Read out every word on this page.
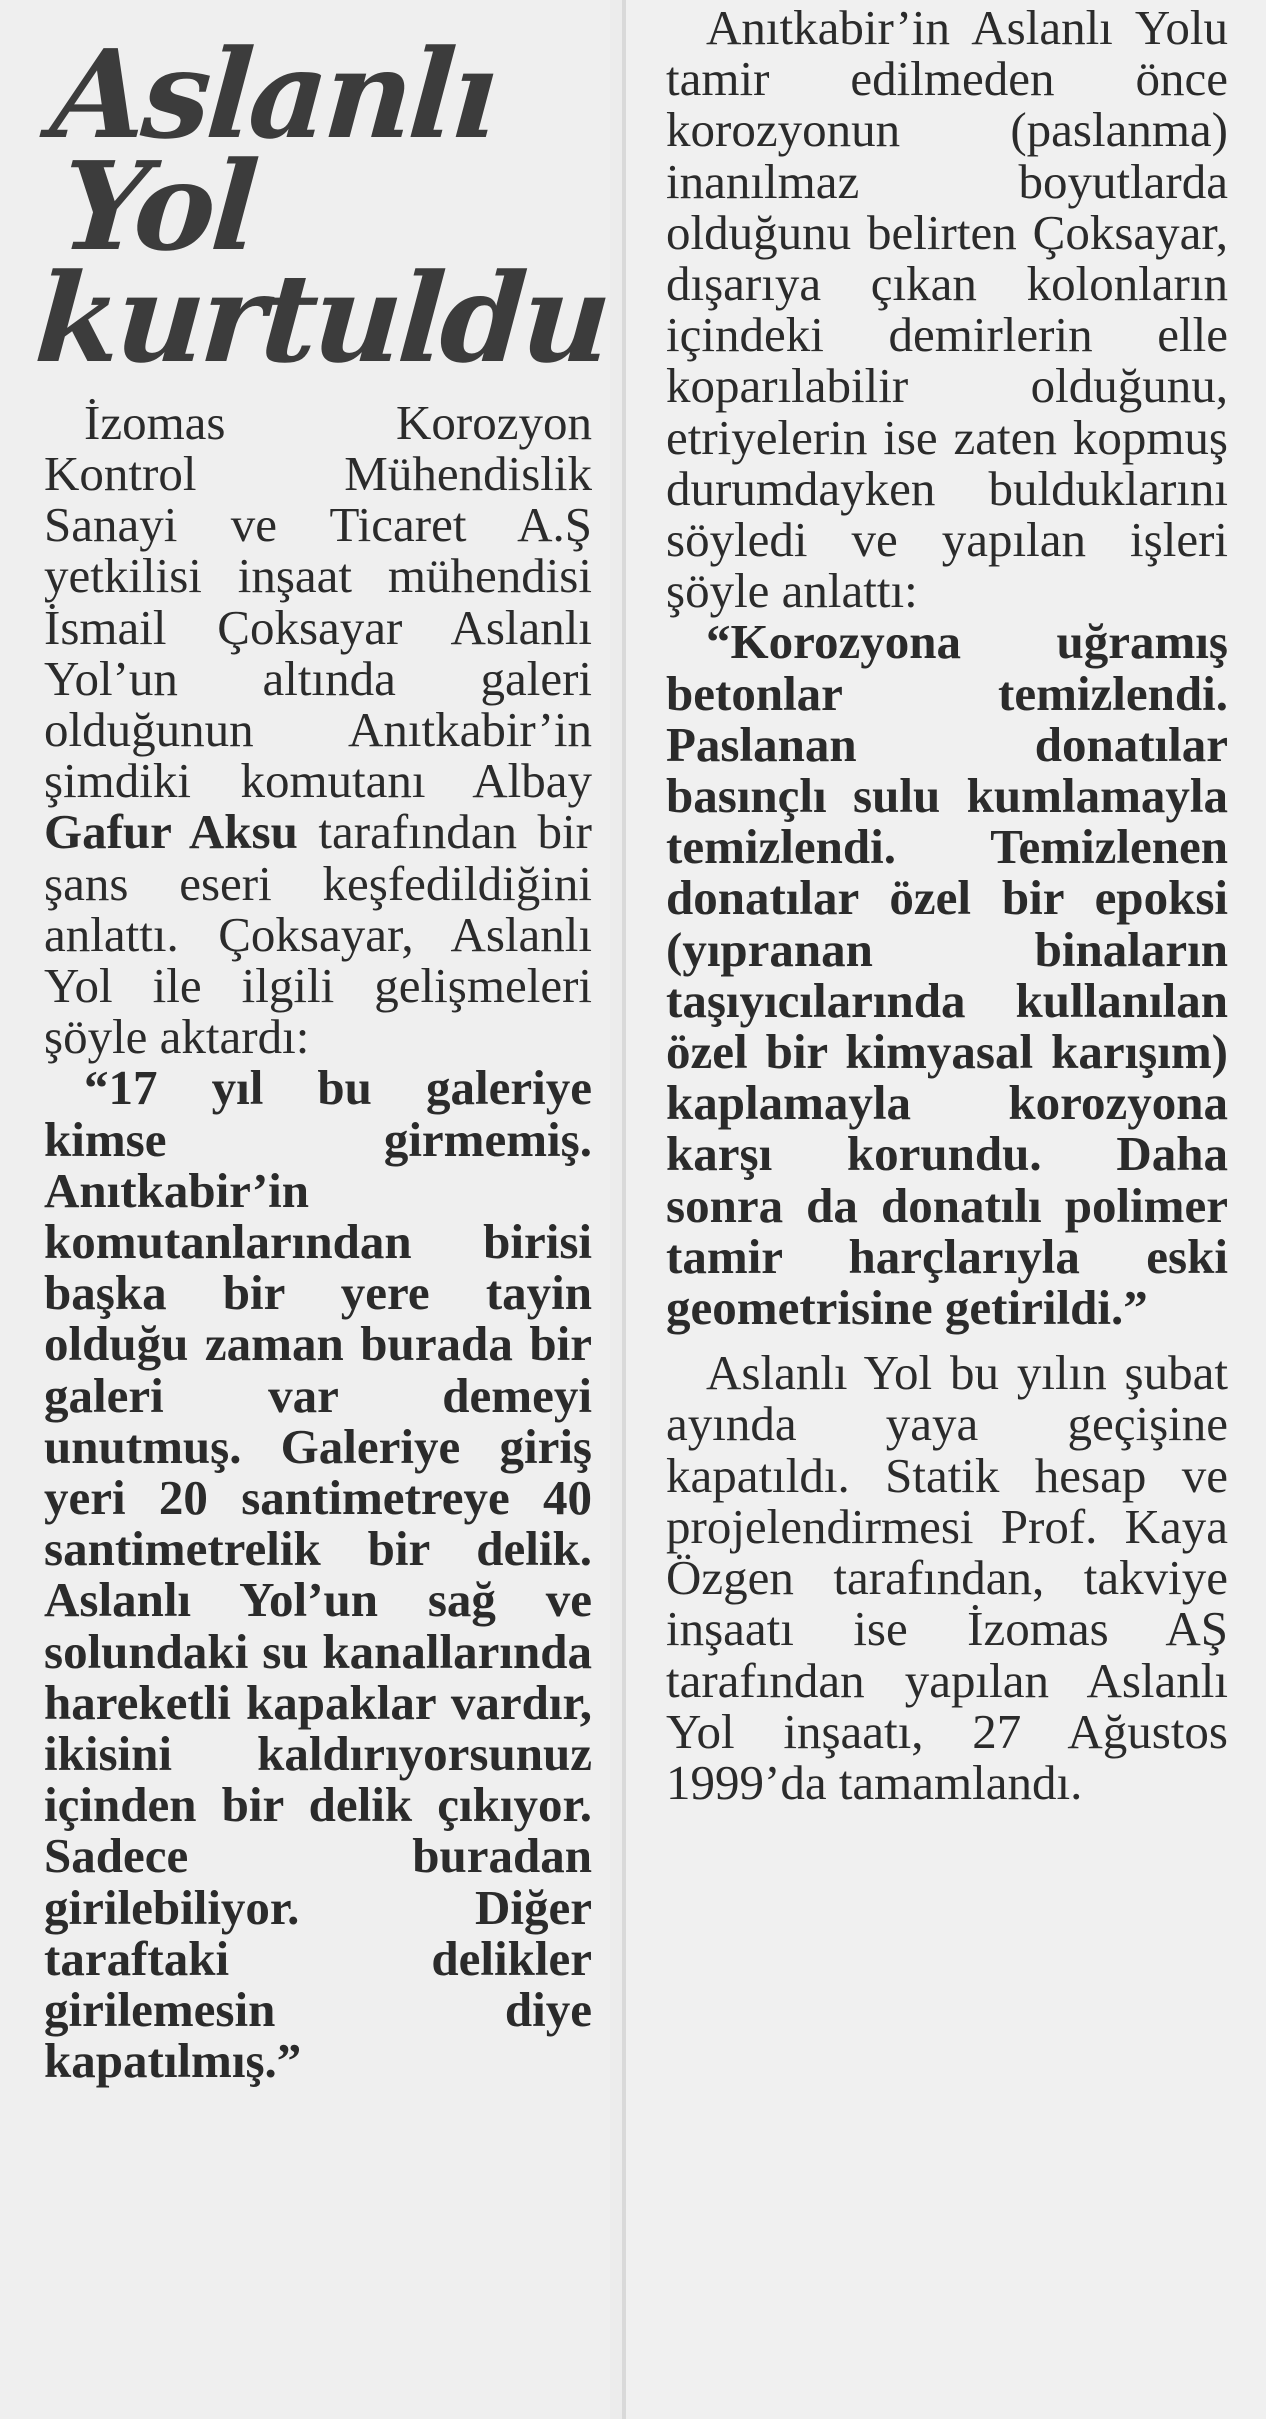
Aslanlı
Yol
kurtuldu

İzomas Korozyon Kontrol Mühendislik Sanayi ve Ticaret A.Ş yetkilisi inşaat mühendisi İsmail Çoksayar Aslanlı Yol’un altında galeri olduğunun Anıtkabir’in şimdiki komutanı Albay Gafur Aksu tarafından bir şans eseri keşfedildiğini anlattı. Çoksayar, Aslanlı Yol ile ilgili gelişmeleri şöyle aktardı:

“17 yıl bu galeriye kimse girmemiş. Anıtkabir’in komutanlarından birisi başka bir yere tayin olduğu zaman burada bir galeri var demeyi unutmuş. Galeriye giriş yeri 20 santimetreye 40 santimetrelik bir delik. Aslanlı Yol’un sağ ve solundaki su kanallarında hareketli kapaklar vardır, ikisini kaldırıyorsunuz içinden bir delik çıkıyor. Sadece buradan girilebiliyor. Diğer taraftaki delikler girilemesin diye kapatılmış.”

Anıtkabir’in Aslanlı Yolu tamir edilmeden önce korozyonun (paslanma) inanılmaz boyutlarda olduğunu belirten Çoksayar, dışarıya çıkan kolonların içindeki demirlerin elle koparılabilir olduğunu, etriyelerin ise zaten kopmuş durumdayken bulduklarını söyledi ve yapılan işleri şöyle anlattı:

“Korozyona uğramış betonlar temizlendi. Paslanan donatılar basınçlı sulu kumlamayla temizlendi. Temizlenen donatılar özel bir epoksi (yıpranan binaların taşıyıcılarında kullanılan özel bir kimyasal karışım) kaplamayla korozyona karşı korundu. Daha sonra da donatılı polimer tamir harçlarıyla eski geometrisine getirildi.”

Aslanlı Yol bu yılın şubat ayında yaya geçişine kapatıldı. Statik hesap ve projelendirmesi Prof. Kaya Özgen tarafından, takviye inşaatı ise İzomas AŞ tarafından yapılan Aslanlı Yol inşaatı, 27 Ağustos 1999’da tamamlandı.
